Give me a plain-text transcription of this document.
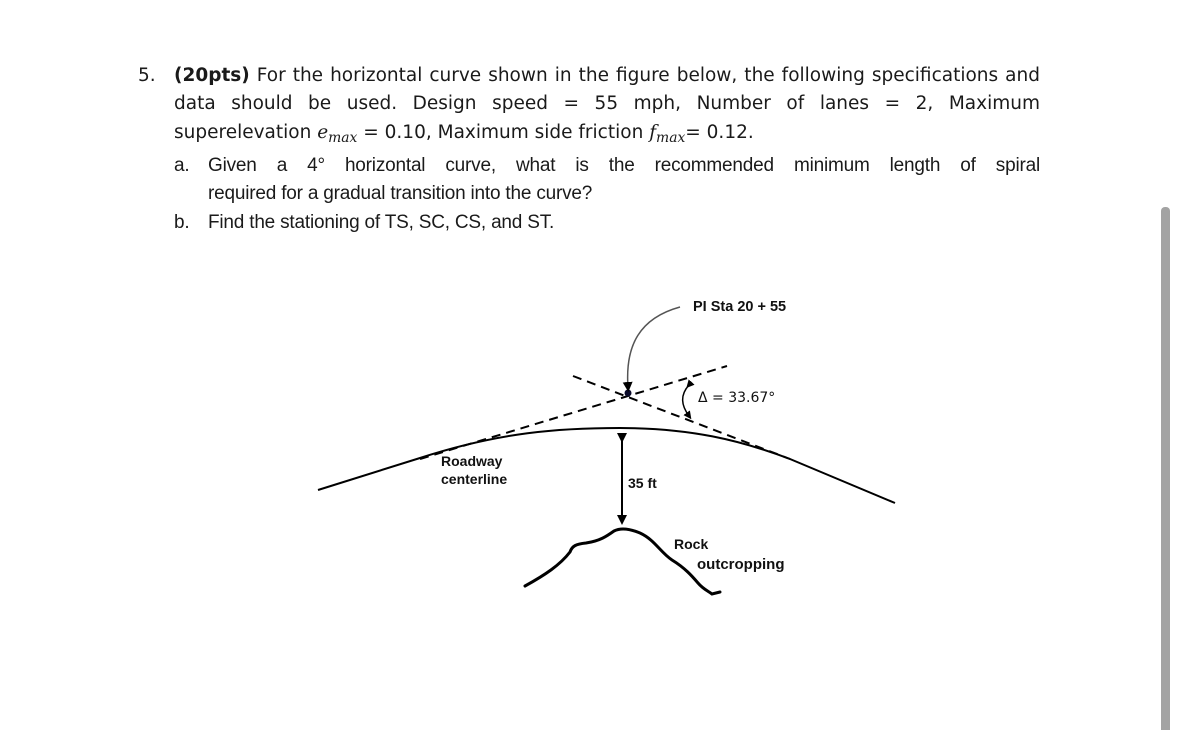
5. (20pts) For the horizontal curve shown in the figure below, the following specifications and
data should be used. Design speed = 55 mph, Number of lanes = 2, Maximum
superelevation $e_{max} = 0.10$, Maximum side friction $f_{max}= 0.12$.
a. Given a 4° horizontal curve, what is the recommended minimum length of spiral
required for a gradual transition into the curve?
b. Find the stationing of TS, SC, CS, and ST.
PI Sta 20 + 55
Δ = 33.67°
Roadway
centerline	35 ft
Rock
outcropping
